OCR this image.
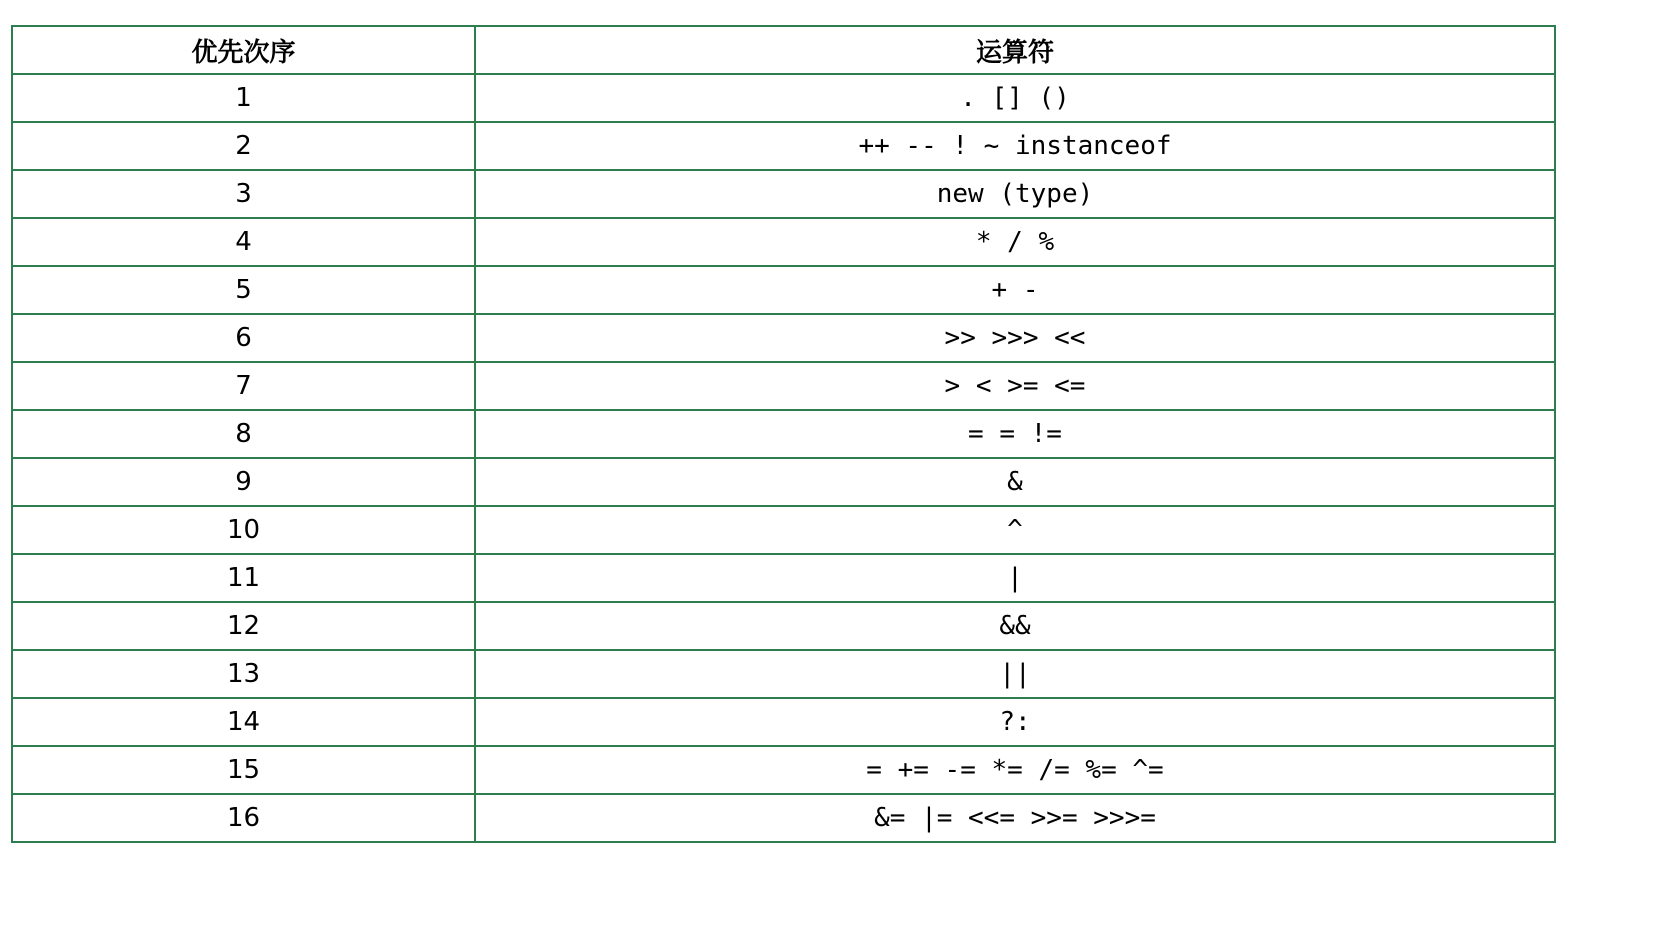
优先次序	运算符
1	. [] ()
2	++ -- ! ~ instanceof
3	new (type)
4	* / %
5	+ -
6	>> >>> <<
7	> < >= <=
8	= = !=
9	&
10	^
11	|
12	&&
13	||
14	?:
15	= += -= *= /= %= ^=
16	&= |= <<= >>= >>>=
